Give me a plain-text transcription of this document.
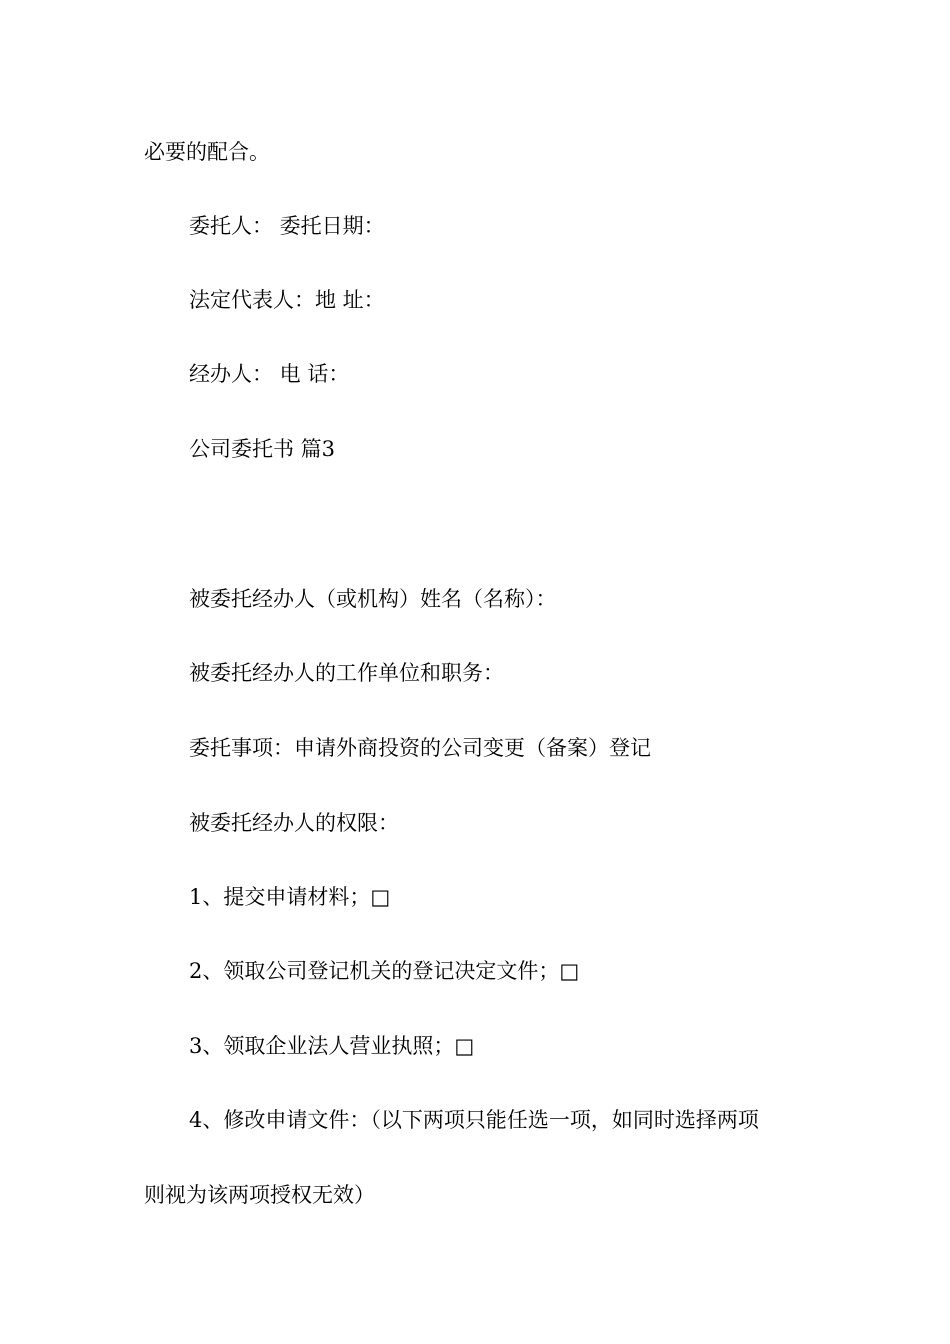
必要的配合。
委托人： 委托日期：
法定代表人：地 址：
经办人： 电 话：
公司委托书 篇3
被委托经办人（或机构）姓名（名称）：
被委托经办人的工作单位和职务：
委托事项：申请外商投资的公司变更（备案）登记
被委托经办人的权限：
1、提交申请材料；□
2、领取公司登记机关的登记决定文件；□
3、领取企业法人营业执照；□
4、修改申请文件：（以下两项只能任选一项，如同时选择两项
则视为该两项授权无效）
